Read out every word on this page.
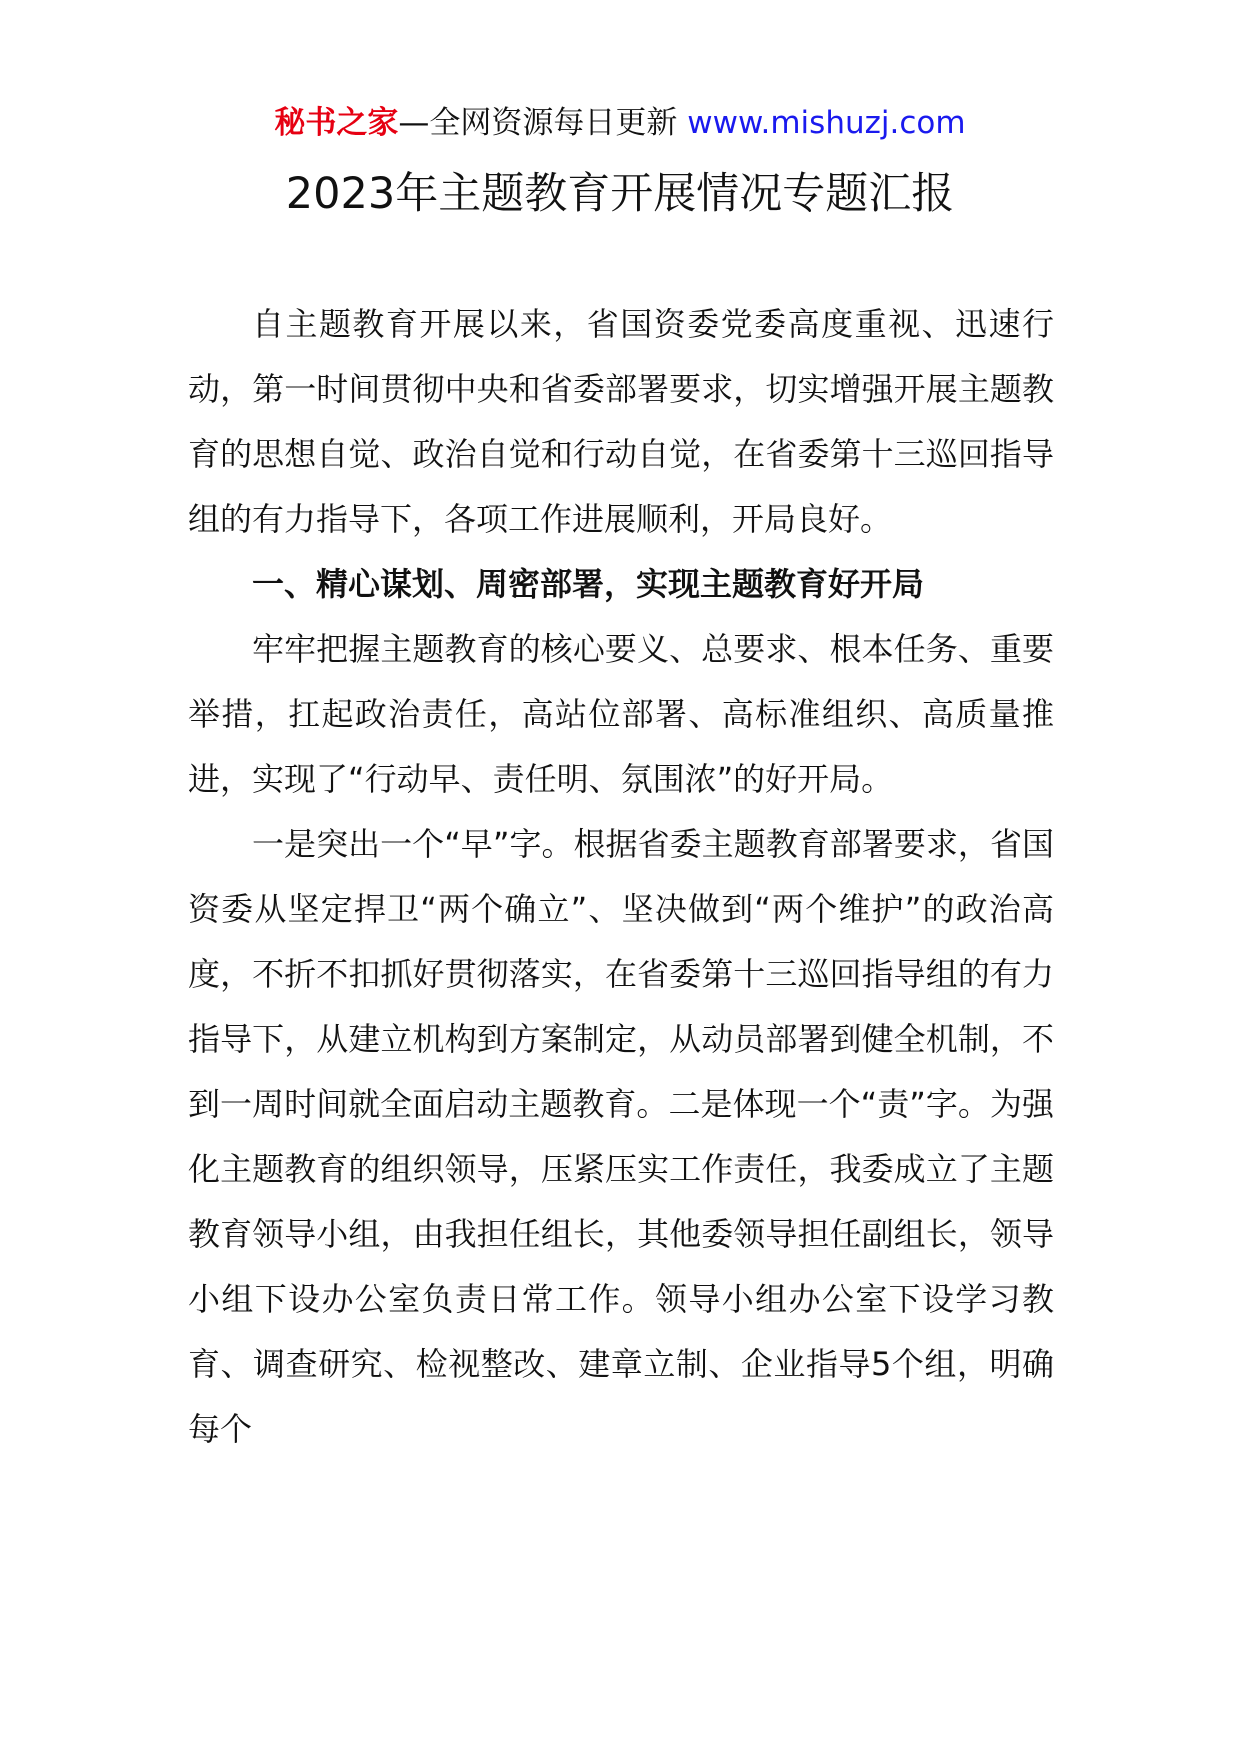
秘书之家—全网资源每日更新 www.mishuzj.com
2023年主题教育开展情况专题汇报

自主题教育开展以来，省国资委党委高度重视、迅速行动，第一时间贯彻中央和省委部署要求，切实增强开展主题教育的思想自觉、政治自觉和行动自觉，在省委第十三巡回指导组的有力指导下，各项工作进展顺利，开局良好。

一、精心谋划、周密部署，实现主题教育好开局

牢牢把握主题教育的核心要义、总要求、根本任务、重要举措，扛起政治责任，高站位部署、高标准组织、高质量推进，实现了“行动早、责任明、氛围浓”的好开局。

一是突出一个“早”字。根据省委主题教育部署要求，省国资委从坚定捍卫“两个确立”、坚决做到“两个维护”的政治高度，不折不扣抓好贯彻落实，在省委第十三巡回指导组的有力指导下，从建立机构到方案制定，从动员部署到健全机制，不到一周时间就全面启动主题教育。二是体现一个“责”字。为强化主题教育的组织领导，压紧压实工作责任，我委成立了主题教育领导小组，由我担任组长，其他委领导担任副组长，领导小组下设办公室负责日常工作。领导小组办公室下设学习教育、调查研究、检视整改、建章立制、企业指导5个组，明确每个
